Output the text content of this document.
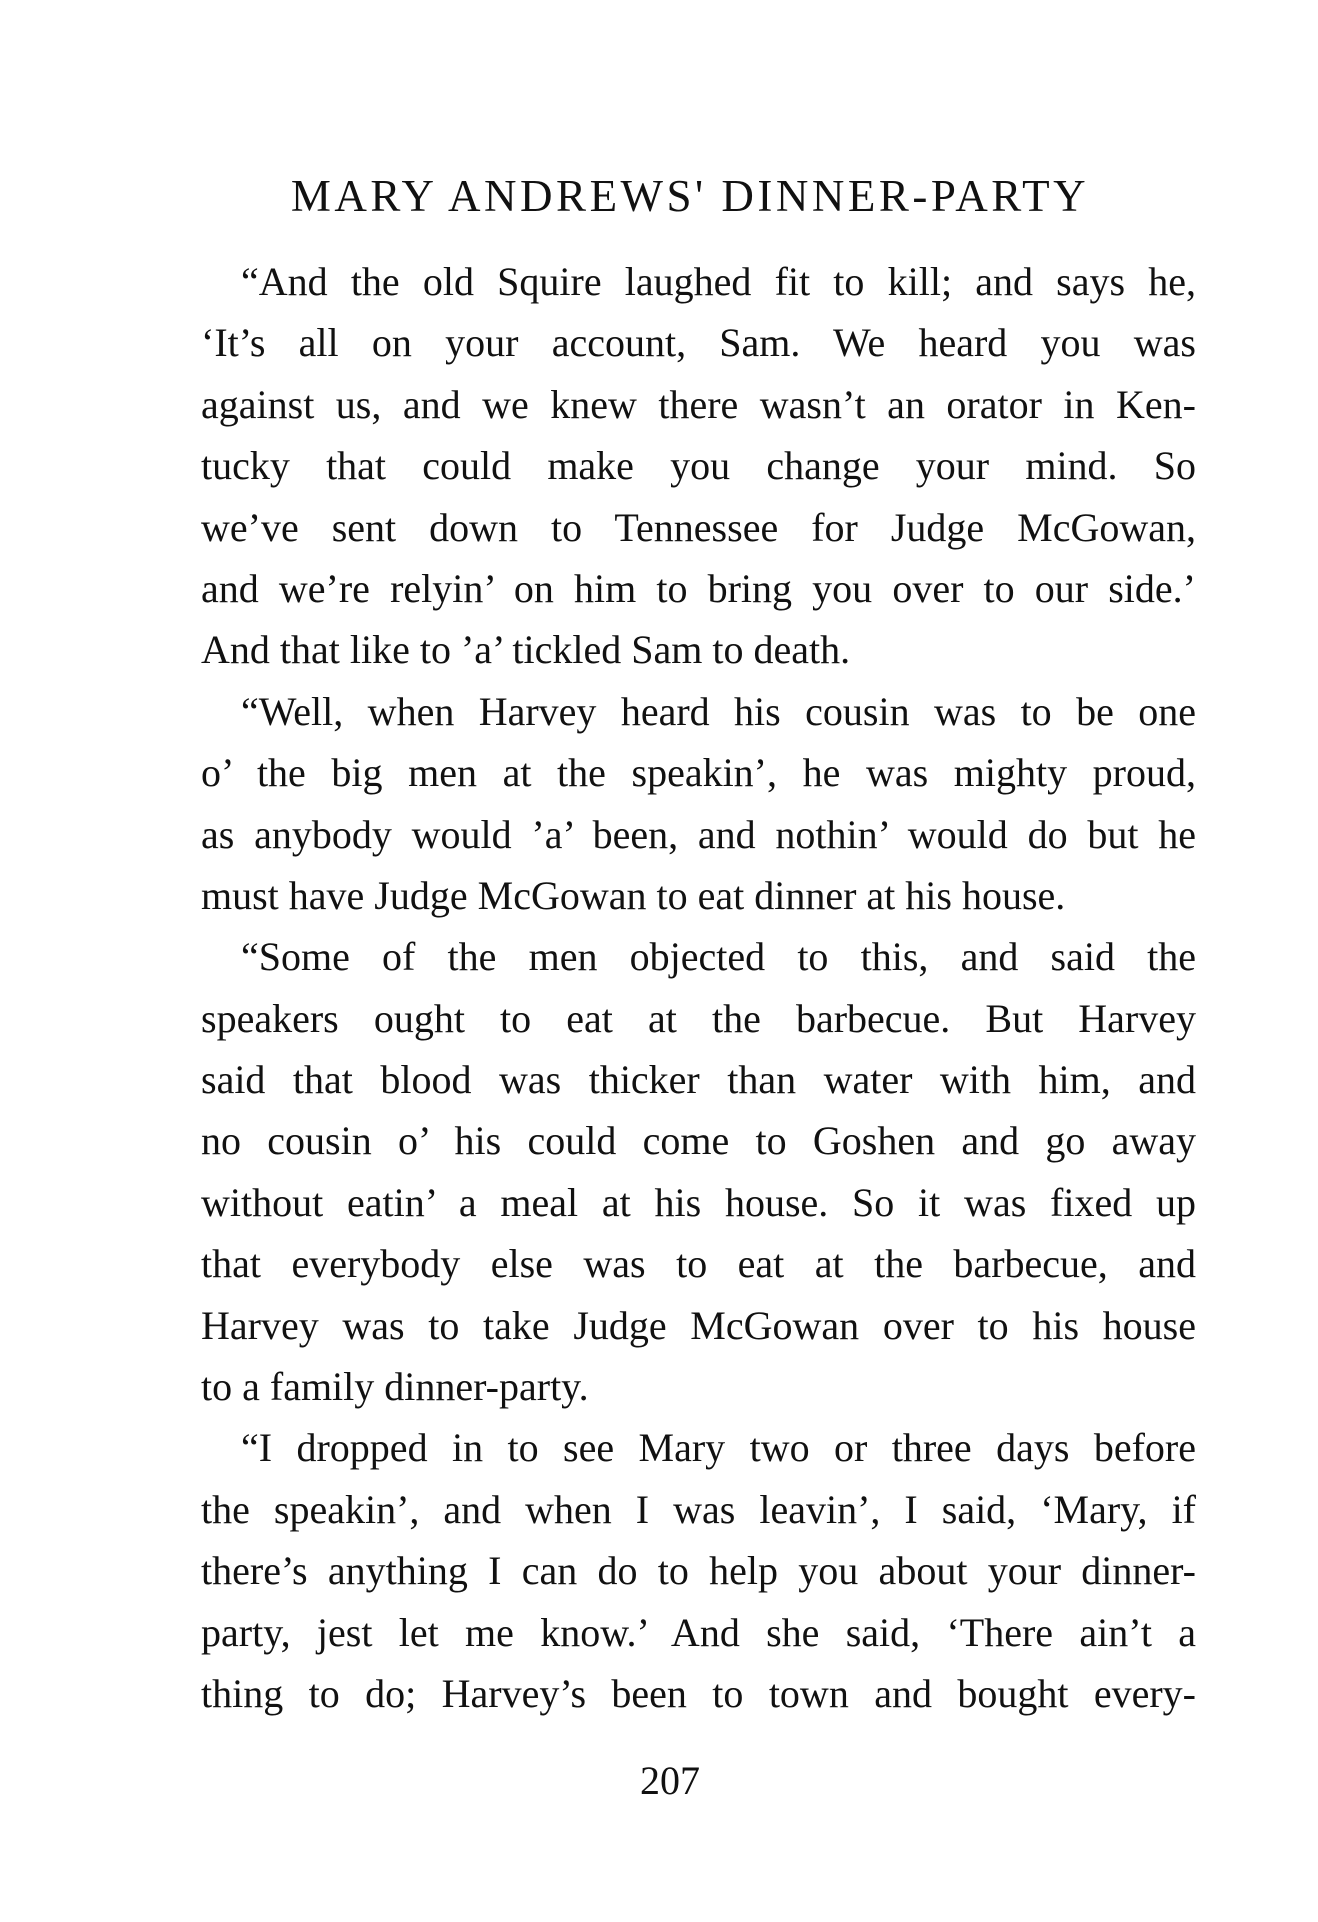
MARY ANDREWS' DINNER-PARTY
“And the old Squire laughed fit to kill; and says he,
‘It’s all on your account, Sam. We heard you was
against us, and we knew there wasn’t an orator in Ken-
tucky that could make you change your mind. So
we’ve sent down to Tennessee for Judge McGowan,
and we’re relyin’ on him to bring you over to our side.’
And that like to ’a’ tickled Sam to death.
“Well, when Harvey heard his cousin was to be one
o’ the big men at the speakin’, he was mighty proud,
as anybody would ’a’ been, and nothin’ would do but he
must have Judge McGowan to eat dinner at his house.
“Some of the men objected to this, and said the
speakers ought to eat at the barbecue. But Harvey
said that blood was thicker than water with him, and
no cousin o’ his could come to Goshen and go away
without eatin’ a meal at his house. So it was fixed up
that everybody else was to eat at the barbecue, and
Harvey was to take Judge McGowan over to his house
to a family dinner-party.
“I dropped in to see Mary two or three days before
the speakin’, and when I was leavin’, I said, ‘Mary, if
there’s anything I can do to help you about your dinner-
party, jest let me know.’ And she said, ‘There ain’t a
thing to do; Harvey’s been to town and bought every-
207
